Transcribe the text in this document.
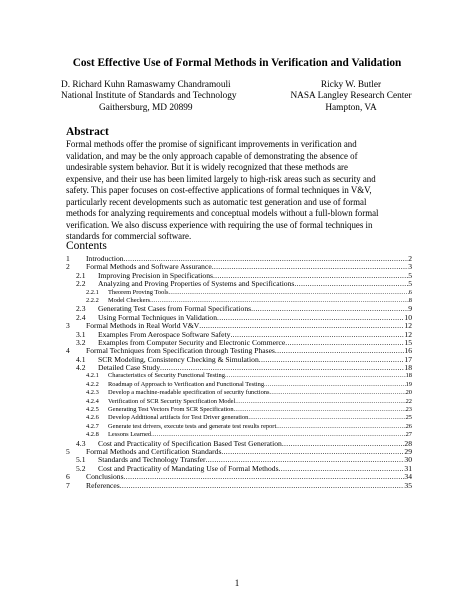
Cost Effective Use of Formal Methods in Verification and Validation
D. Richard Kuhn Ramaswamy Chandramouli
National Institute of Standards and Technology
Gaithersburg, MD 20899
Ricky W. Butler
NASA Langley Research Center
Hampton, VA
Abstract
Formal methods offer the promise of significant improvements in verification and
validation, and may be the only approach capable of demonstrating the absence of
undesirable system behavior. But it is widely recognized that these methods are
expensive, and their use has been limited largely to high-risk areas such as security and
safety. This paper focuses on cost-effective applications of formal techniques in V&V,
particularly recent developments such as automatic test generation and use of formal
methods for analyzing requirements and conceptual models without a full-blown formal
verification. We also discuss experience with requiring the use of formal techniques in
standards for commercial software.
Contents
1 Introduction .....	2
2 Formal Methods and Software Assurance .....	3
2.1 Improving Precision in Specifications .....	5
2.2 Analyzing and Proving Properties of Systems and Specifications .....	5
2.2.1 Theorem Proving Tools .....	6
2.2.2 Model Checkers .....	8
2.3 Generating Test Cases from Formal Specifications .....	9
2.4 Using Formal Techniques in Validation .....	10
3 Formal Methods in Real World V&V .....	12
3.1 Examples From Aerospace Software Safety .....	12
3.2 Examples from Computer Security and Electronic Commerce .....	15
4 Formal Techniques from Specification through Testing Phases .....	16
4.1 SCR Modeling, Consistency Checking & Simulation .....	17
4.2 Detailed Case Study .....	18
4.2.1 Characteristics of Security Functional Testing .....	18
4.2.2 Roadmap of Approach to Verification and Functional Testing .....	19
4.2.3 Develop a machine-readable specification of security functions .....	20
4.2.4 Verification of SCR Security Specification Model .....	22
4.2.5 Generating Test Vectors From SCR Specification .....	23
4.2.6 Develop Additional artifacts for Test Driver generation .....	25
4.2.7 Generate test drivers, execute tests and generate test results report .....	26
4.2.8 Lessons Learned .....	27
4.3 Cost and Practicality of Specification Based Test Generation .....	28
5 Formal Methods and Certification Standards .....	29
5.1 Standards and Technology Transfer .....	30
5.2 Cost and Practicality of Mandating Use of Formal Methods .....	31
6 Conclusions .....	34
7 References .....	35
1
